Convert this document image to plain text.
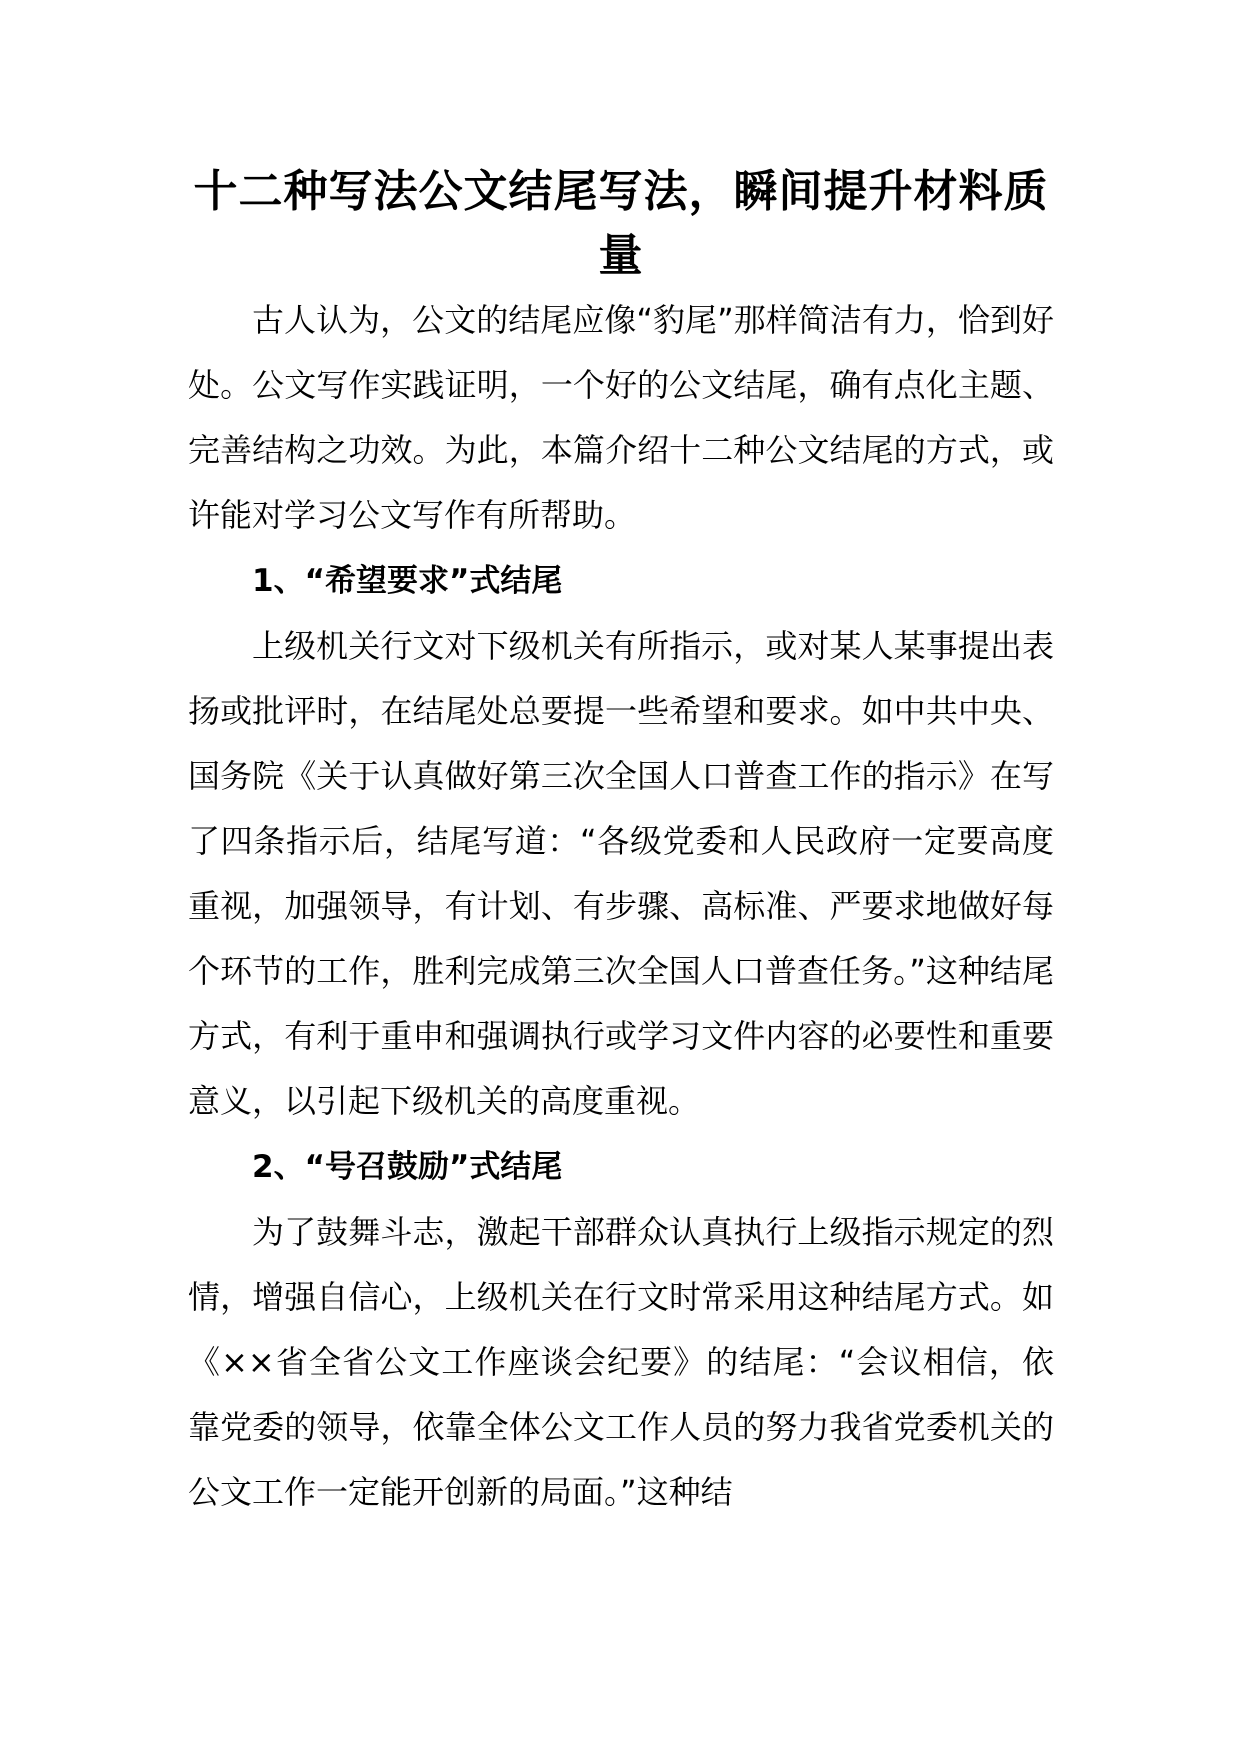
十二种写法公文结尾写法，瞬间提升材料质量

古人认为，公文的结尾应像“豹尾”那样简洁有力，恰到好处。公文写作实践证明，一个好的公文结尾，确有点化主题、完善结构之功效。为此，本篇介绍十二种公文结尾的方式，或许能对学习公文写作有所帮助。

1、“希望要求”式结尾

上级机关行文对下级机关有所指示，或对某人某事提出表扬或批评时，在结尾处总要提一些希望和要求。如中共中央、国务院《关于认真做好第三次全国人口普查工作的指示》在写了四条指示后，结尾写道：“各级党委和人民政府一定要高度重视，加强领导，有计划、有步骤、高标准、严要求地做好每个环节的工作，胜利完成第三次全国人口普查任务。”这种结尾方式，有利于重申和强调执行或学习文件内容的必要性和重要意义，以引起下级机关的高度重视。

2、“号召鼓励”式结尾

为了鼓舞斗志，激起干部群众认真执行上级指示规定的烈情，增强自信心，上级机关在行文时常采用这种结尾方式。如《××省全省公文工作座谈会纪要》的结尾：“会议相信，依靠党委的领导，依靠全体公文工作人员的努力我省党委机关的公文工作一定能开创新的局面。”这种结
